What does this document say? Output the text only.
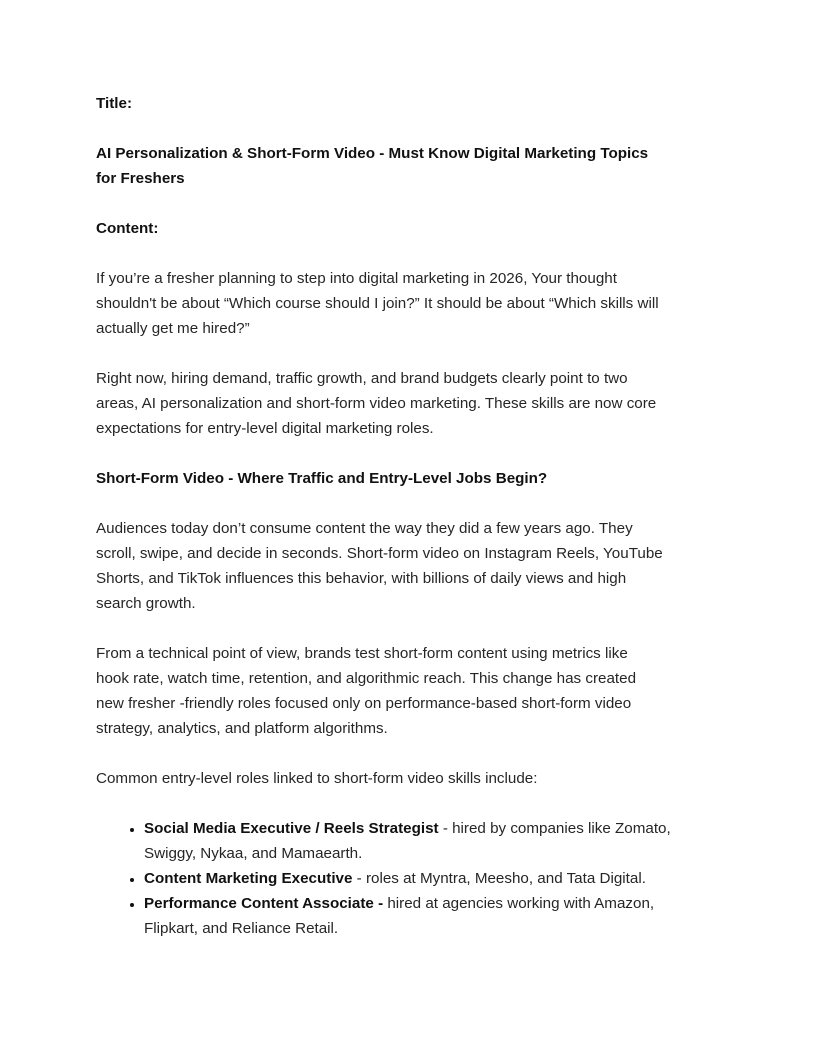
Title:

AI Personalization & Short-Form Video - Must Know Digital Marketing Topics
for Freshers

Content:

If you’re a fresher planning to step into digital marketing in 2026, Your thought
shouldn't be about “Which course should I join?” It should be about “Which skills will
actually get me hired?”

Right now, hiring demand, traffic growth, and brand budgets clearly point to two
areas, AI personalization and short-form video marketing. These skills are now core
expectations for entry-level digital marketing roles.

Short-Form Video - Where Traffic and Entry-Level Jobs Begin?

Audiences today don’t consume content the way they did a few years ago. They
scroll, swipe, and decide in seconds. Short-form video on Instagram Reels, YouTube
Shorts, and TikTok influences this behavior, with billions of daily views and high
search growth.

From a technical point of view, brands test short-form content using metrics like
hook rate, watch time, retention, and algorithmic reach. This change has created
new fresher -friendly roles focused only on performance-based short-form video
strategy, analytics, and platform algorithms.

Common entry-level roles linked to short-form video skills include:

• Social Media Executive / Reels Strategist - hired by companies like Zomato,
Swiggy, Nykaa, and Mamaearth.
• Content Marketing Executive - roles at Myntra, Meesho, and Tata Digital.
• Performance Content Associate - hired at agencies working with Amazon,
Flipkart, and Reliance Retail.
